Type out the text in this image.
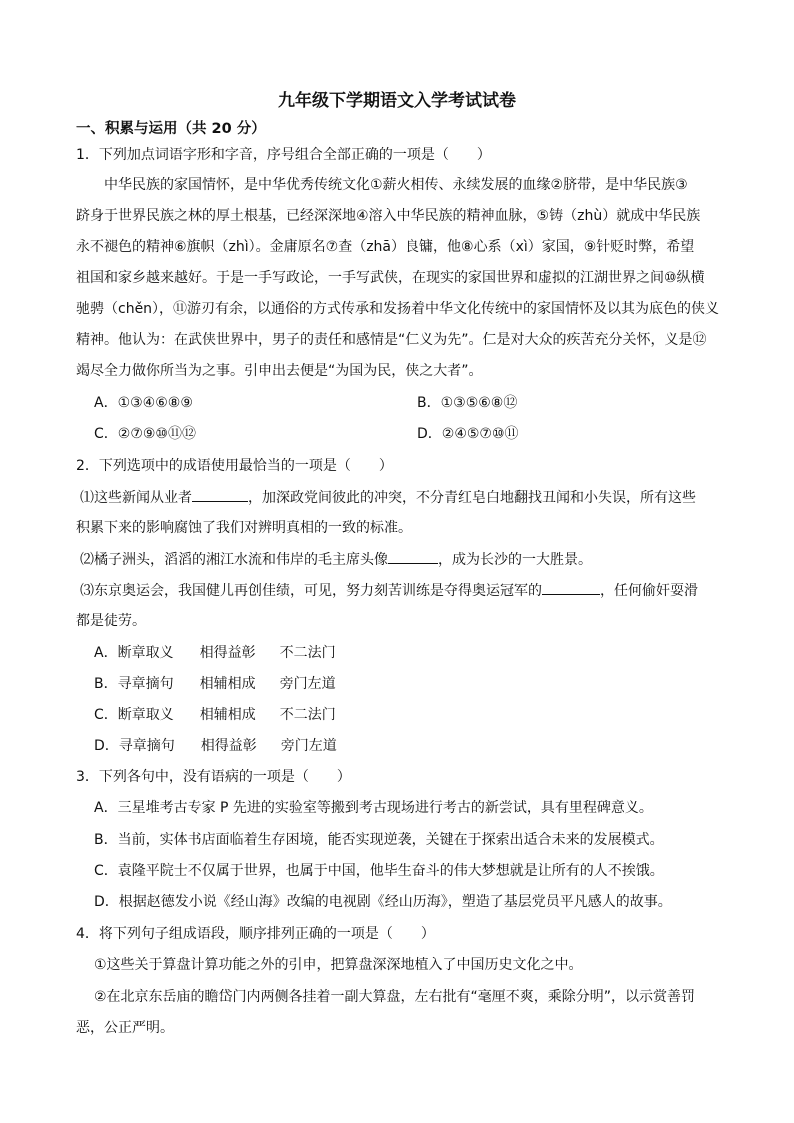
九年级下学期语文入学考试试卷
一、积累与运用（共 20 分）
1．下列加点词语字形和字音，序号组合全部正确的一项是（　　）
中华民族的家国情怀，是中华优秀传统文化①薪火相传、永续发展的血缘②脐带，是中华民族③
跻身于世界民族之林的厚土根基，已经深深地④溶入中华民族的精神血脉，⑤铸（zhù）就成中华民族
永不褪色的精神⑥旗帜（zhì）。金庸原名⑦查（zhā）良镛，他⑧心系（xì）家国，⑨针贬时弊，希望
祖国和家乡越来越好。于是一手写政论，一手写武侠，在现实的家国世界和虚拟的江湖世界之间⑩纵横
驰骋（chěn），⑪游刃有余，以通俗的方式传承和发扬着中华文化传统中的家国情怀及以其为底色的侠义
精神。他认为：在武侠世界中，男子的责任和感情是“仁义为先”。仁是对大众的疾苦充分关怀，义是⑫
竭尽全力做你所当为之事。引申出去便是“为国为民，侠之大者”。
A．①③④⑥⑧⑨	B．①③⑤⑥⑧⑫
C．②⑦⑨⑩⑪⑫	D．②④⑤⑦⑩⑪
2．下列选项中的成语使用最恰当的一项是（　　）
⑴这些新闻从业者	，加深政党间彼此的冲突，不分青红皂白地翻找丑闻和小失误，所有这些
积累下来的影响腐蚀了我们对辨明真相的一致的标准。
⑵橘子洲头，滔滔的湘江水流和伟岸的毛主席头像	，成为长沙的一大胜景。
⑶东京奥运会，我国健儿再创佳绩，可见，努力刻苦训练是夺得奥运冠军的	，任何偷奸耍滑
都是徒劳。
A．断章取义 相得益彰 不二法门
B．寻章摘句 相辅相成 旁门左道
C．断章取义 相辅相成 不二法门
D．寻章摘句 相得益彰 旁门左道
3．下列各句中，没有语病的一项是（　　）
A．三星堆考古专家 P 先进的实验室等搬到考古现场进行考古的新尝试，具有里程碑意义。
B．当前，实体书店面临着生存困境，能否实现逆袭，关键在于探索出适合未来的发展模式。
C．袁隆平院士不仅属于世界，也属于中国，他毕生奋斗的伟大梦想就是让所有的人不挨饿。
D．根据赵德发小说《经山海》改编的电视剧《经山历海》，塑造了基层党员平凡感人的故事。
4．将下列句子组成语段，顺序排列正确的一项是（　　）
①这些关于算盘计算功能之外的引申，把算盘深深地植入了中国历史文化之中。
②在北京东岳庙的瞻岱门内两侧各挂着一副大算盘，左右批有“毫厘不爽，乘除分明”，以示赏善罚
恶，公正严明。
